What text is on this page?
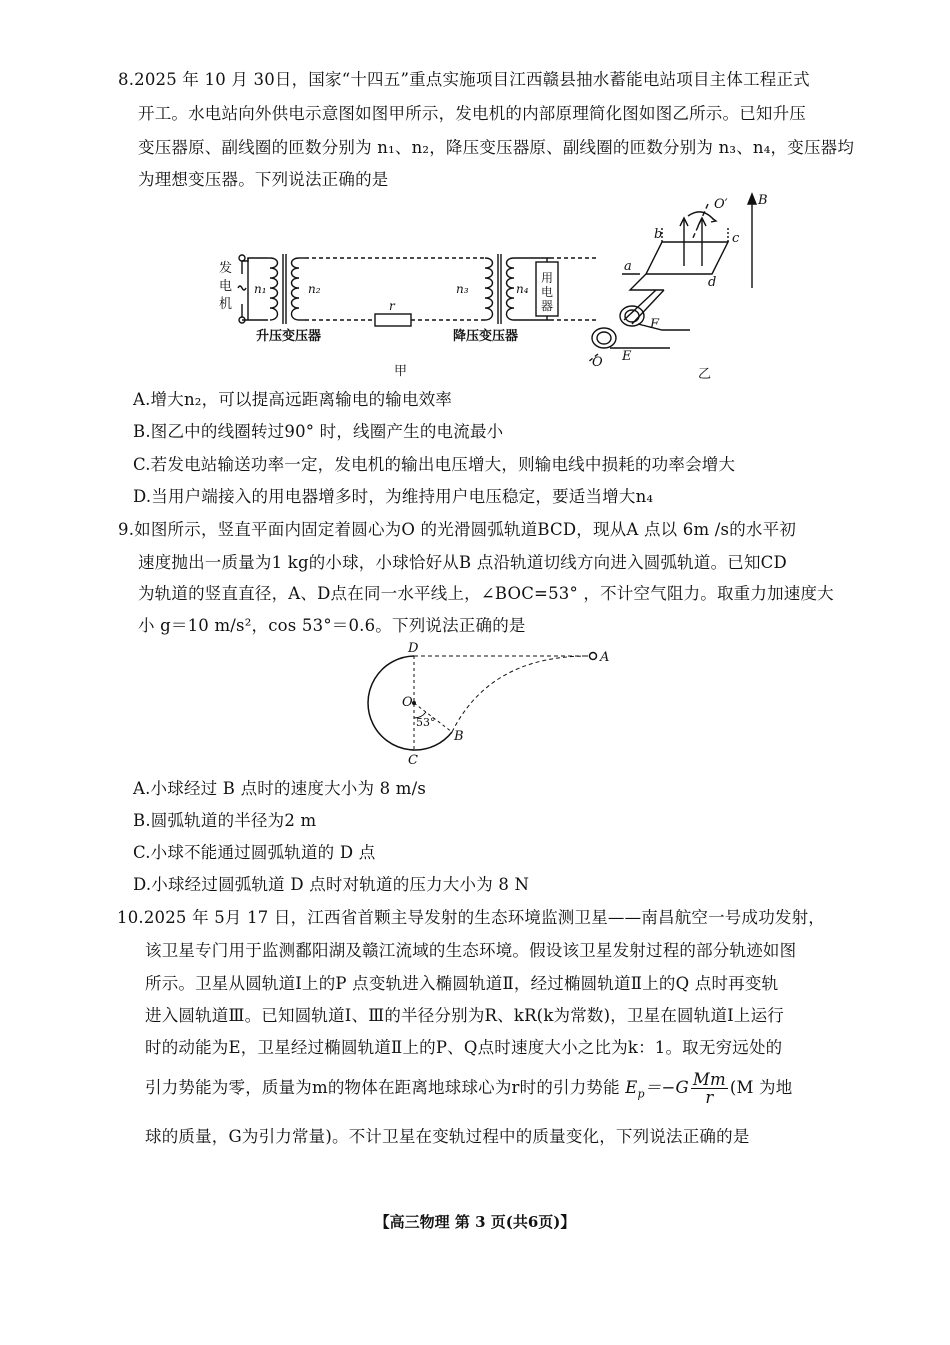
8.2025 年 10 月 30日，国家“十四五”重点实施项目江西赣县抽水蓄能电站项目主体工程正式
开工。水电站向外供电示意图如图甲所示，发电机的内部原理简化图如图乙所示。已知升压
变压器原、副线圈的匝数分别为 n₁、n₂，降压变压器原、副线圈的匝数分别为 n₃、n₄，变压器均
为理想变压器。下列说法正确的是
发
电
机
n₁	n₂
r
n₃	n₄
用
电
器
升压变压器	降压变压器
甲
O′ B
b	c
a
d
F
E
O
乙
A.增大n₂，可以提高远距离输电的输电效率
B.图乙中的线圈转过90° 时，线圈产生的电流最小
C.若发电站输送功率一定，发电机的输出电压增大，则输电线中损耗的功率会增大
D.当用户端接入的用电器增多时，为维持用户电压稳定，要适当增大n₄
9.如图所示，竖直平面内固定着圆心为O 的光滑圆弧轨道BCD，现从A 点以 6m /s的水平初
速度抛出一质量为1 kg的小球，小球恰好从B 点沿轨道切线方向进入圆弧轨道。已知CD
为轨道的竖直直径，A、D点在同一水平线上，∠BOC=53° ，不计空气阻力。取重力加速度大
小 g＝10 m/s²，cos 53°＝0.6。下列说法正确的是
D
A
O
53°
B
C
A.小球经过 B 点时的速度大小为 8 m/s
B.圆弧轨道的半径为2 m
C.小球不能通过圆弧轨道的 D 点
D.小球经过圆弧轨道 D 点时对轨道的压力大小为 8 N
10.2025 年 5月 17 日，江西省首颗主导发射的生态环境监测卫星——南昌航空一号成功发射，
该卫星专门用于监测鄱阳湖及赣江流域的生态环境。假设该卫星发射过程的部分轨迹如图
所示。卫星从圆轨道Ⅰ上的P 点变轨进入椭圆轨道Ⅱ，经过椭圆轨道Ⅱ上的Q 点时再变轨
进入圆轨道Ⅲ。已知圆轨道Ⅰ、Ⅲ的半径分别为R、kR(k为常数)，卫星在圆轨道Ⅰ上运行
时的动能为E，卫星经过椭圆轨道Ⅱ上的P、Q点时速度大小之比为k：1。取无穷远处的
引力势能为零，质量为m的物体在距离地球球心为r时的引力势能 $E_p=-G \frac{Mm}{r} (M$ 为地
球的质量，G为引力常量)。不计卫星在变轨过程中的质量变化，下列说法正确的是
【高三物理 第 3 页(共6页)】
